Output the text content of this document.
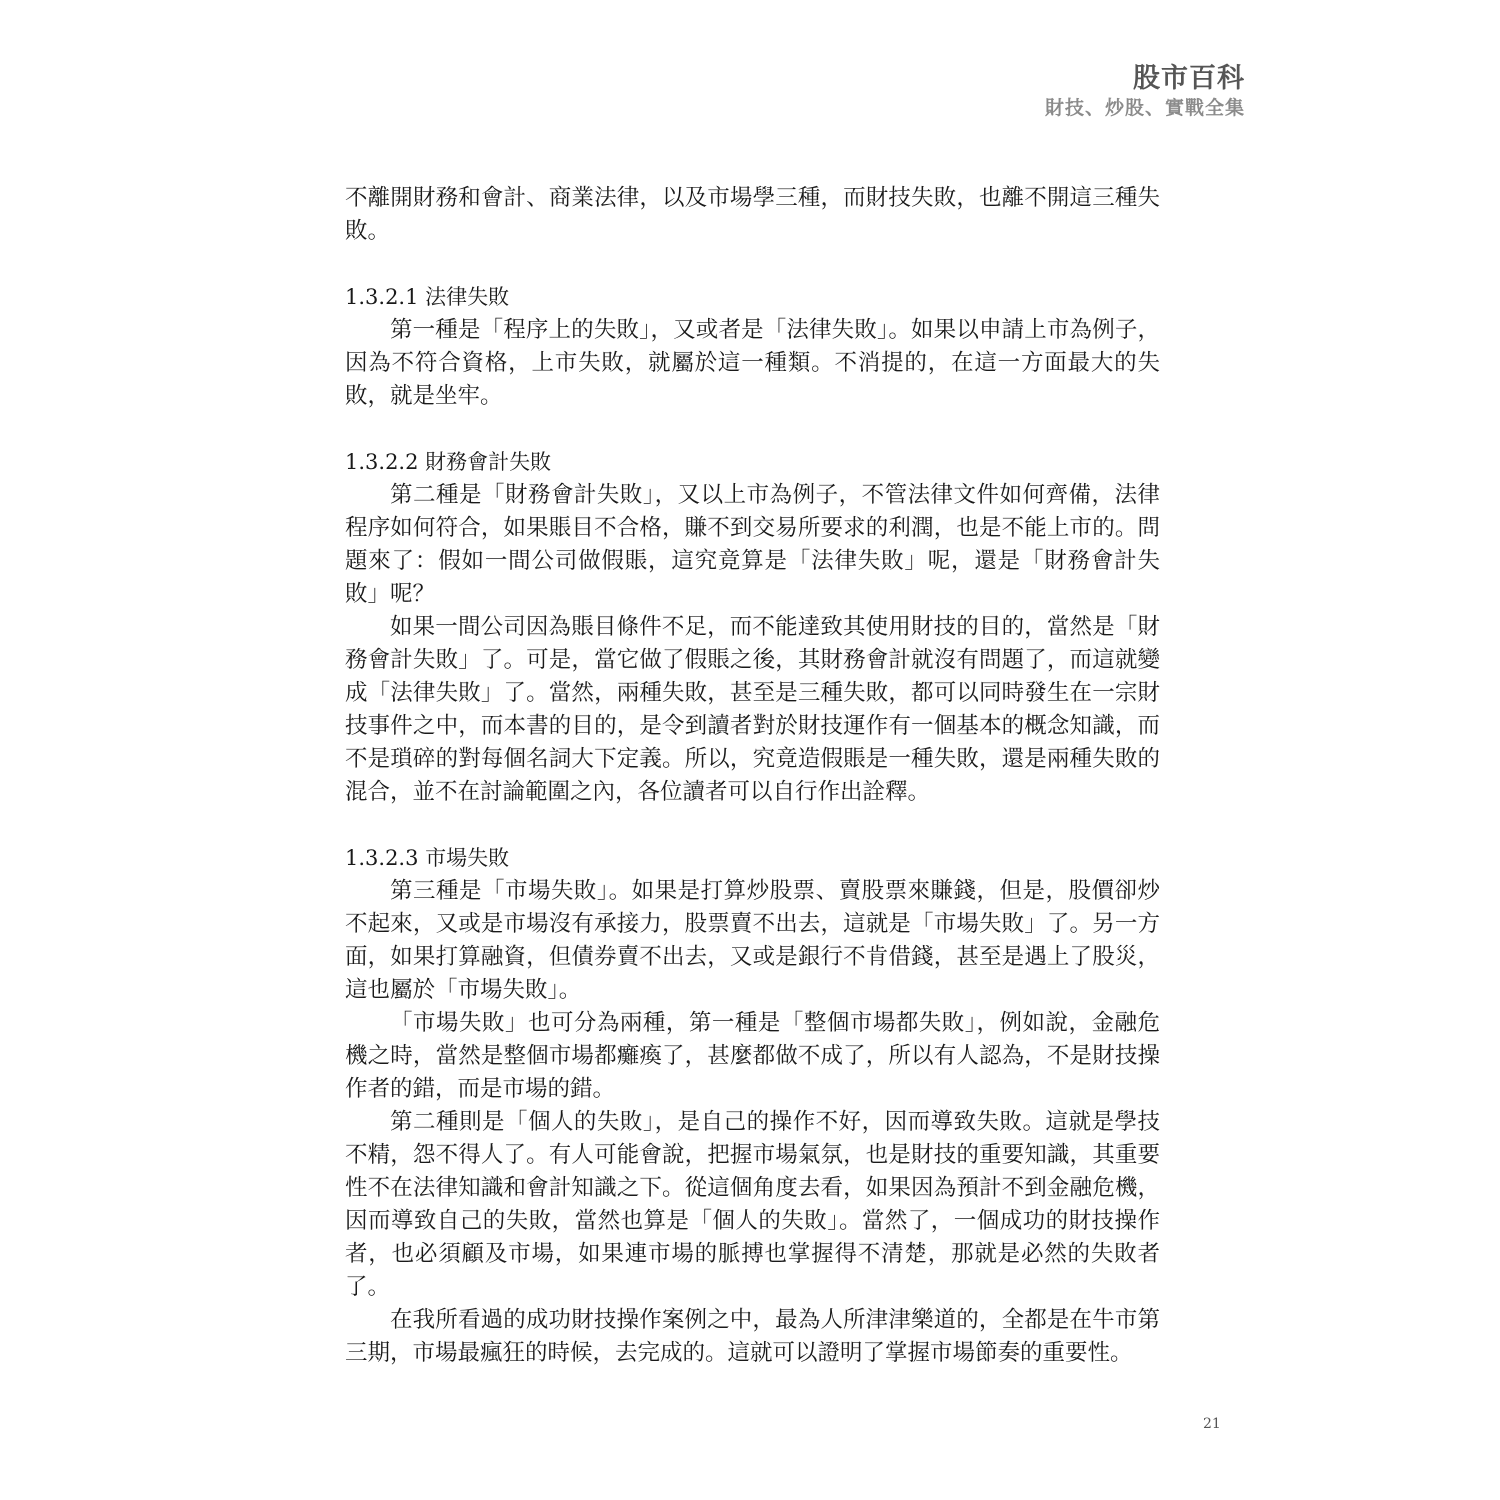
股市百科
財技、炒股、實戰全集

不離開財務和會計、商業法律，以及市場學三種，而財技失敗，也離不開這三種失敗。

1.3.2.1 法律失敗

第一種是「程序上的失敗」，又或者是「法律失敗」。如果以申請上市為例子，因為不符合資格，上市失敗，就屬於這一種類。不消提的，在這一方面最大的失敗，就是坐牢。

1.3.2.2 財務會計失敗

第二種是「財務會計失敗」，又以上市為例子，不管法律文件如何齊備，法律程序如何符合，如果賬目不合格，賺不到交易所要求的利潤，也是不能上市的。問題來了：假如一間公司做假賬，這究竟算是「法律失敗」呢，還是「財務會計失敗」呢？

如果一間公司因為賬目條件不足，而不能達致其使用財技的目的，當然是「財務會計失敗」了。可是，當它做了假賬之後，其財務會計就沒有問題了，而這就變成「法律失敗」了。當然，兩種失敗，甚至是三種失敗，都可以同時發生在一宗財技事件之中，而本書的目的，是令到讀者對於財技運作有一個基本的概念知識，而不是瑣碎的對每個名詞大下定義。所以，究竟造假賬是一種失敗，還是兩種失敗的混合，並不在討論範圍之內，各位讀者可以自行作出詮釋。

1.3.2.3 市場失敗

第三種是「市場失敗」。如果是打算炒股票、賣股票來賺錢，但是，股價卻炒不起來，又或是市場沒有承接力，股票賣不出去，這就是「市場失敗」了。另一方面，如果打算融資，但債券賣不出去，又或是銀行不肯借錢，甚至是遇上了股災，這也屬於「市場失敗」。

「市場失敗」也可分為兩種，第一種是「整個市場都失敗」，例如說，金融危機之時，當然是整個市場都癱瘓了，甚麼都做不成了，所以有人認為，不是財技操作者的錯，而是市場的錯。

第二種則是「個人的失敗」，是自己的操作不好，因而導致失敗。這就是學技不精，怨不得人了。有人可能會說，把握市場氣氛，也是財技的重要知識，其重要性不在法律知識和會計知識之下。從這個角度去看，如果因為預計不到金融危機，因而導致自己的失敗，當然也算是「個人的失敗」。當然了，一個成功的財技操作者，也必須顧及市場，如果連市場的脈搏也掌握得不清楚，那就是必然的失敗者了。

在我所看過的成功財技操作案例之中，最為人所津津樂道的，全都是在牛市第三期，市場最瘋狂的時候，去完成的。這就可以證明了掌握市場節奏的重要性。

21
